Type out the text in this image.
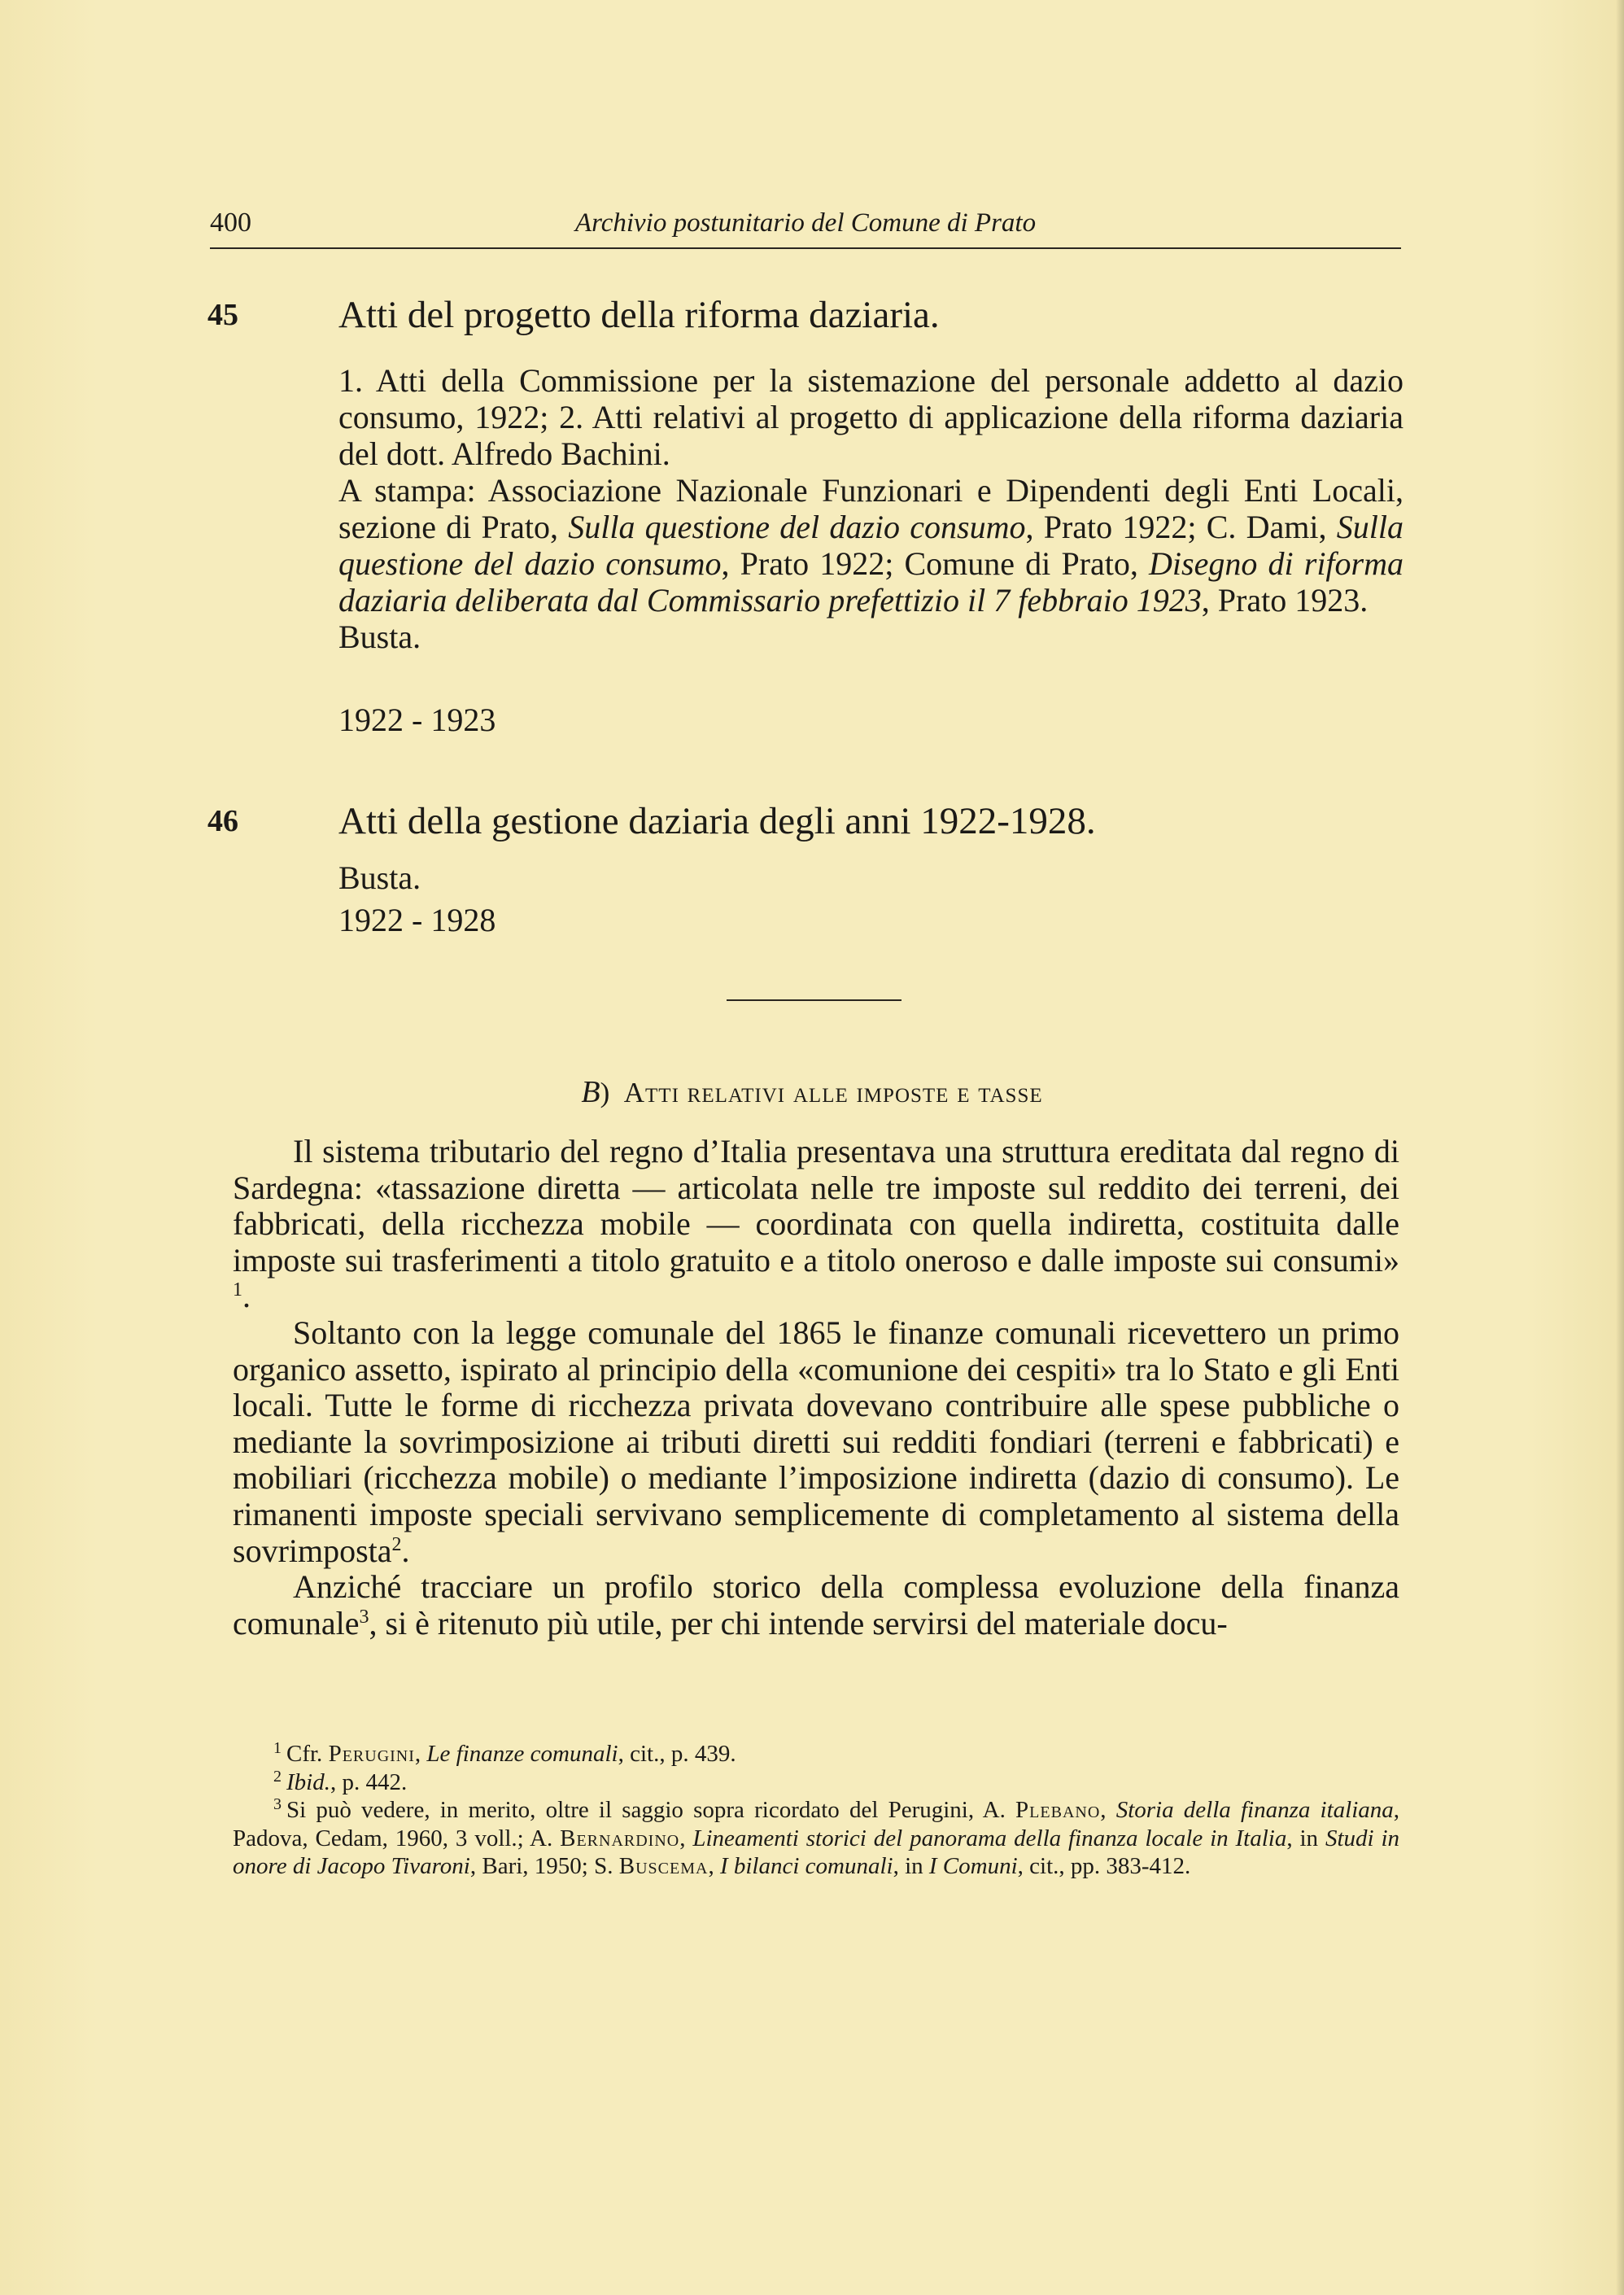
400	Archivio postunitario del Comune di Prato
45	Atti del progetto della riforma daziaria.

1. Atti della Commissione per la sistemazione del personale addetto al dazio consumo, 1922; 2. Atti relativi al progetto di applicazione della riforma daziaria del dott. Alfredo Bachini.

A stampa: Associazione Nazionale Funzionari e Dipendenti degli Enti Locali, sezione di Prato, Sulla questione del dazio consumo, Prato 1922; C. Dami, Sulla questione del dazio consumo, Prato 1922; Comune di Prato, Disegno di riforma daziaria deliberata dal Commissario prefettizio il 7 febbraio 1923, Prato 1923.

Busta.

1922 - 1923
46	Atti della gestione daziaria degli anni 1922-1928.

Busta.

1922 - 1928
B) Atti relativi alle imposte e tasse

Il sistema tributario del regno d’Italia presentava una struttura ereditata dal regno di Sardegna: «tassazione diretta — articolata nelle tre imposte sul reddito dei terreni, dei fabbricati, della ricchezza mobile — coordinata con quella indiretta, costituita dalle imposte sui trasferimenti a titolo gratuito e a titolo oneroso e dalle imposte sui consumi» $^1$.

Soltanto con la legge comunale del 1865 le finanze comunali ricevettero un primo organico assetto, ispirato al principio della «comunione dei cespiti» tra lo Stato e gli Enti locali. Tutte le forme di ricchezza privata dovevano contribuire alle spese pubbliche o mediante la sovrimposizione ai tributi diretti sui redditi fondiari (terreni e fabbricati) e mobiliari (ricchezza mobile) o mediante l’imposizione indiretta (dazio di consumo). Le rimanenti imposte speciali servivano semplicemente di completamento al sistema della sovrimposta$^2$.

Anziché tracciare un profilo storico della complessa evoluzione della finanza comunale$^3$, si è ritenuto più utile, per chi intende servirsi del materiale docu-

$^1$ Cfr. Perugini, Le finanze comunali, cit., p. 439.

$^2$ Ibid., p. 442.

$^3$ Si può vedere, in merito, oltre il saggio sopra ricordato del Perugini, A. Plebano, Storia della finanza italiana, Padova, Cedam, 1960, 3 voll.; A. Bernardino, Lineamenti storici del panorama della finanza locale in Italia, in Studi in onore di Jacopo Tivaroni, Bari, 1950; S. Buscema, I bilanci comunali, in I Comuni, cit., pp. 383-412.
